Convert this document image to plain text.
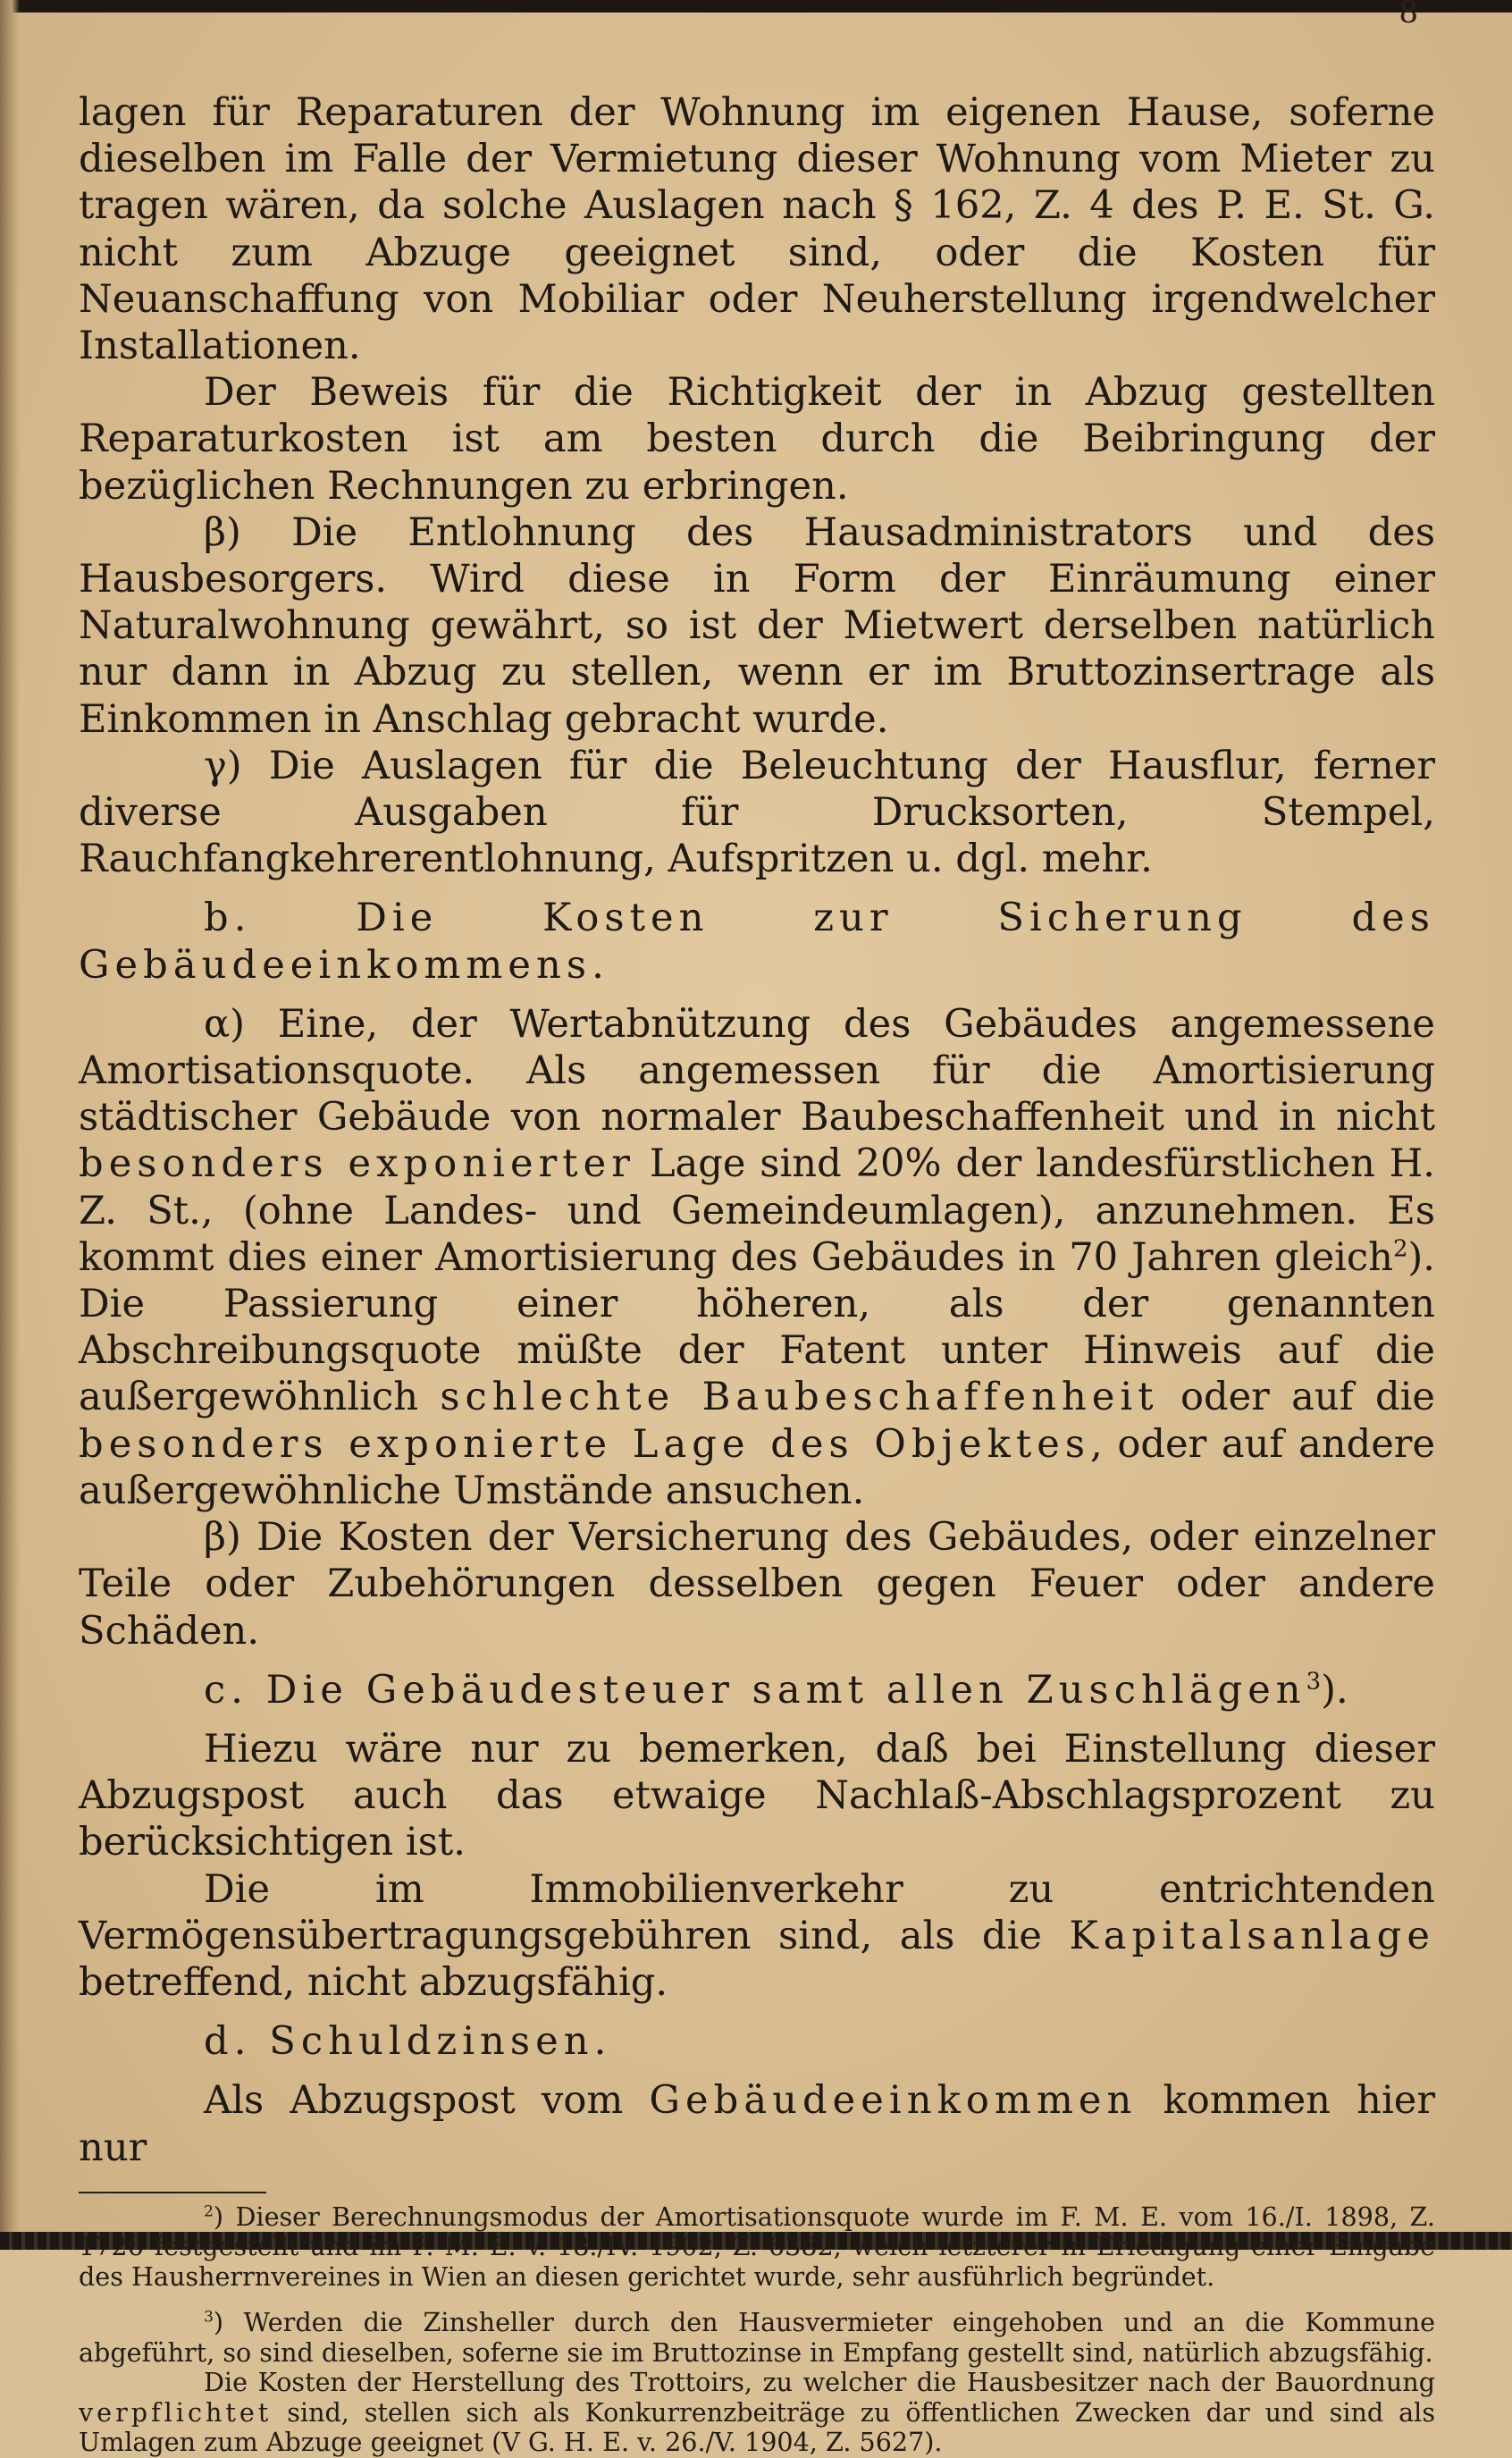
8

lagen für Reparaturen der Wohnung im eigenen Hause, soferne dieselben im Falle der Vermietung dieser Wohnung vom Mieter zu tragen wären, da solche Auslagen nach § 162, Z. 4 des P. E. St. G. nicht zum Abzuge geeignet sind, oder die Kosten für Neuanschaffung von Mobiliar oder Neuherstellung irgendwelcher Installationen.

Der Beweis für die Richtigkeit der in Abzug gestellten Reparaturkosten ist am besten durch die Beibringung der bezüglichen Rechnungen zu erbringen.

β) Die Entlohnung des Hausadministrators und des Hausbesorgers. Wird diese in Form der Einräumung einer Naturalwohnung gewährt, so ist der Mietwert derselben natürlich nur dann in Abzug zu stellen, wenn er im Bruttozinsertrage als Einkommen in Anschlag gebracht wurde.

γ) Die Auslagen für die Beleuchtung der Hausflur, ferner diverse Ausgaben für Drucksorten, Stempel, Rauchfangkehrerentlohnung, Aufspritzen u. dgl. mehr.

b. Die Kosten zur Sicherung des Gebäudeeinkommens.

α) Eine, der Wertabnützung des Gebäudes angemessene Amortisationsquote. Als angemessen für die Amortisierung städtischer Gebäude von normaler Baubeschaffenheit und in nicht besonders exponierter Lage sind 20% der landesfürstlichen H. Z. St., (ohne Landes- und Gemeindeumlagen), anzunehmen. Es kommt dies einer Amortisierung des Gebäudes in 70 Jahren gleich$^2$). Die Passierung einer höheren, als der genannten Abschreibungsquote müßte der Fatent unter Hinweis auf die außergewöhnlich schlechte Baubeschaffenheit oder auf die besonders exponierte Lage des Objektes, oder auf andere außergewöhnliche Umstände ansuchen.

β) Die Kosten der Versicherung des Gebäudes, oder einzelner Teile oder Zubehörungen desselben gegen Feuer oder andere Schäden.

c. Die Gebäudesteuer samt allen Zuschlägen$^3$).

Hiezu wäre nur zu bemerken, daß bei Einstellung dieser Abzugspost auch das etwaige Nachlaß-Abschlagsprozent zu berücksichtigen ist.

Die im Immobilienverkehr zu entrichtenden Vermögensübertragungsgebühren sind, als die Kapitalsanlage betreffend, nicht abzugsfähig.

d. Schuldzinsen.

Als Abzugspost vom Gebäudeeinkommen kommen hier nur

$^2$) Dieser Berechnungsmodus der Amortisationsquote wurde im F. M. E. vom 16./I. 1898, Z. 1726 festgestellt und im F. M. E. v. 18./IV. 1902, Z. 6382, welch letzterer in Erledigung einer Eingabe des Hausherrnvereines in Wien an diesen gerichtet wurde, sehr ausführlich begründet.

$^3$) Werden die Zinsheller durch den Hausvermieter eingehoben und an die Kommune abgeführt, so sind dieselben, soferne sie im Bruttozinse in Empfang gestellt sind, natürlich abzugsfähig.

Die Kosten der Herstellung des Trottoirs, zu welcher die Hausbesitzer nach der Bauordnung verpflichtet sind, stellen sich als Konkurrenzbeiträge zu öffentlichen Zwecken dar und sind als Umlagen zum Abzuge geeignet (V G. H. E. v. 26./V. 1904, Z. 5627).
